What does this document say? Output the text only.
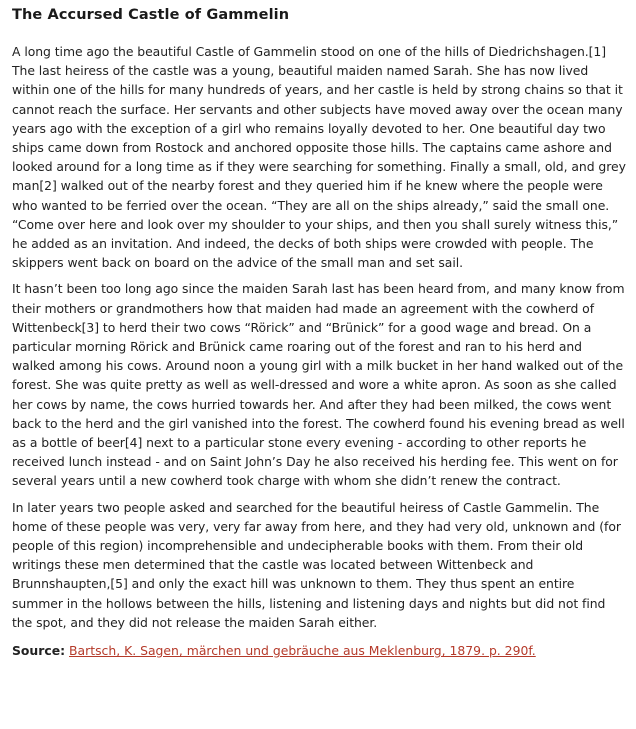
The Accursed Castle of Gammelin

A long time ago the beautiful Castle of Gammelin stood on one of the hills of Diedrichshagen.[1] The last heiress of the castle was a young, beautiful maiden named Sarah. She has now lived within one of the hills for many hundreds of years, and her castle is held by strong chains so that it cannot reach the surface. Her servants and other subjects have moved away over the ocean many years ago with the exception of a girl who remains loyally devoted to her. One beautiful day two ships came down from Rostock and anchored opposite those hills. The captains came ashore and looked around for a long time as if they were searching for something. Finally a small, old, and grey man[2] walked out of the nearby forest and they queried him if he knew where the people were who wanted to be ferried over the ocean. “They are all on the ships already,” said the small one. “Come over here and look over my shoulder to your ships, and then you shall surely witness this,” he added as an invitation. And indeed, the decks of both ships were crowded with people. The skippers went back on board on the advice of the small man and set sail.

It hasn’t been too long ago since the maiden Sarah last has been heard from, and many know from their mothers or grandmothers how that maiden had made an agreement with the cowherd of Wittenbeck[3] to herd their two cows “Rörick” and “Brünick” for a good wage and bread. On a particular morning Rörick and Brünick came roaring out of the forest and ran to his herd and walked among his cows. Around noon a young girl with a milk bucket in her hand walked out of the forest. She was quite pretty as well as well-dressed and wore a white apron. As soon as she called her cows by name, the cows hurried towards her. And after they had been milked, the cows went back to the herd and the girl vanished into the forest. The cowherd found his evening bread as well as a bottle of beer[4] next to a particular stone every evening - according to other reports he received lunch instead - and on Saint John’s Day he also received his herding fee. This went on for several years until a new cowherd took charge with whom she didn’t renew the contract.

In later years two people asked and searched for the beautiful heiress of Castle Gammelin. The home of these people was very, very far away from here, and they had very old, unknown and (for people of this region) incomprehensible and undecipherable books with them. From their old writings these men determined that the castle was located between Wittenbeck and Brunnshaupten,[5] and only the exact hill was unknown to them. They thus spent an entire summer in the hollows between the hills, listening and listening days and nights but did not find the spot, and they did not release the maiden Sarah either.

Source: Bartsch, K. Sagen, märchen und gebräuche aus Meklenburg, 1879. p. 290f.
